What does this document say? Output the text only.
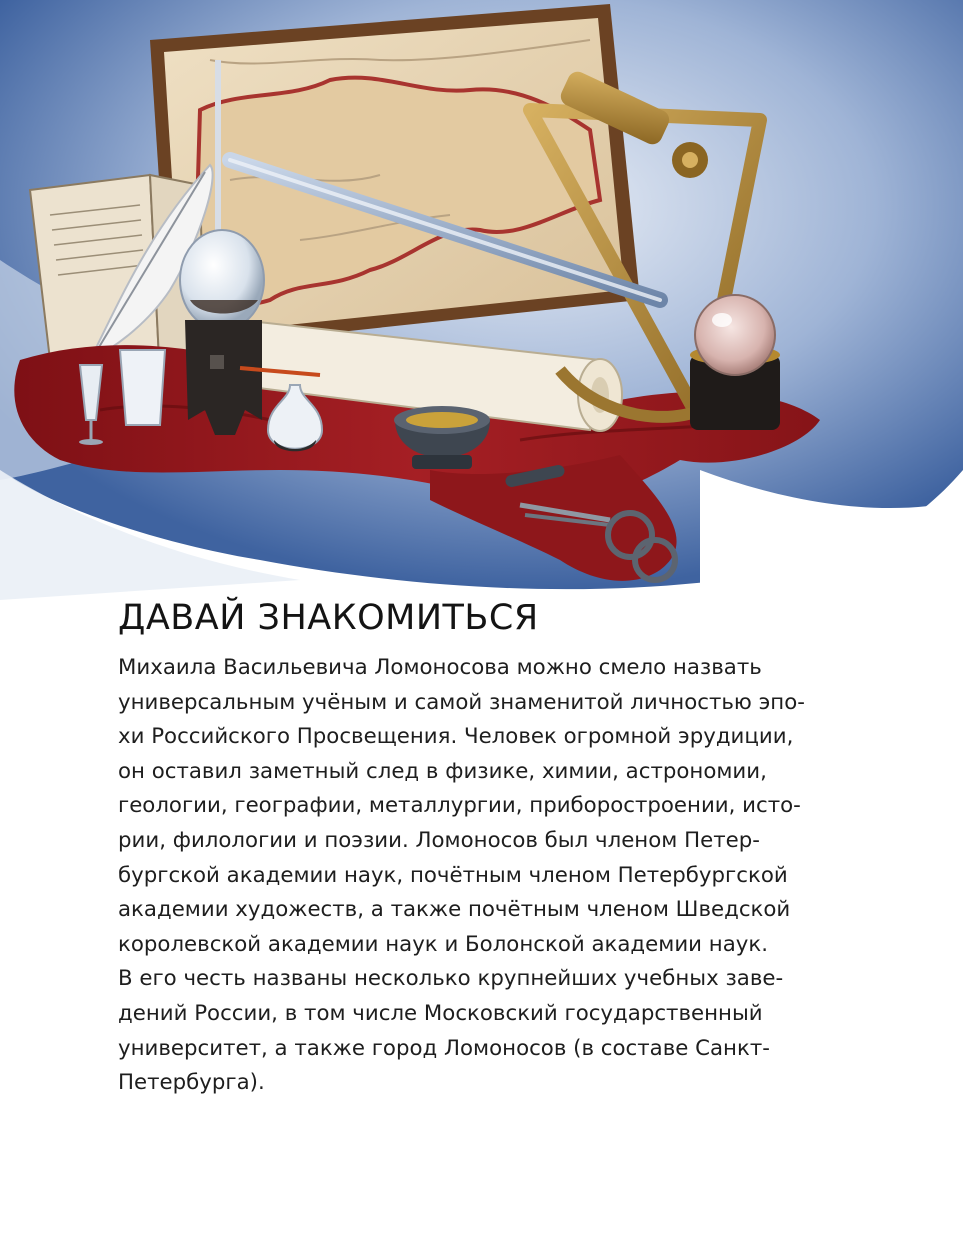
ДАВАЙ ЗНАКОМИТЬСЯ

Михаила Васильевича Ломоносова можно смело назвать
универсальным учёным и самой знаменитой личностью эпо-
хи Российского Просвещения. Человек огромной эрудиции,
он оставил заметный след в физике, химии, астрономии,
геологии, географии, металлургии, приборостроении, исто-
рии, филологии и поэзии. Ломоносов был членом Петер-
бургской академии наук, почётным членом Петербургской
академии художеств, а также почётным членом Шведской
королевской академии наук и Болонской академии наук.
В его честь названы несколько крупнейших учебных заве-
дений России, в том числе Московский государственный
университет, а также город Ломоносов (в составе Санкт-
Петербурга).
